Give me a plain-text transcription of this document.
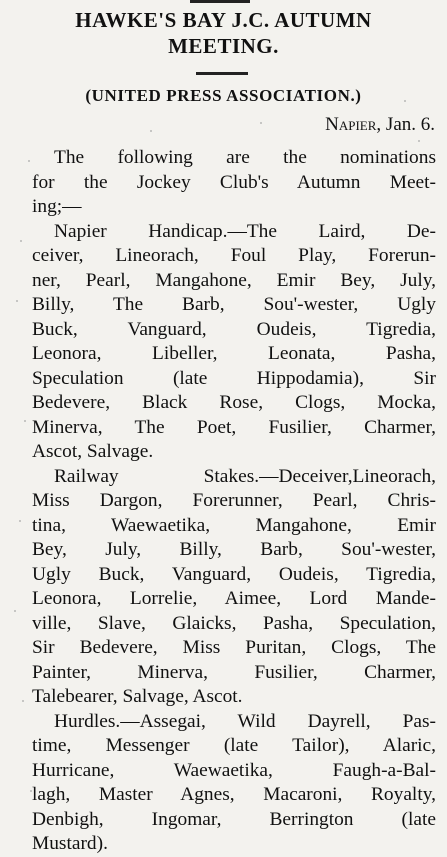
HAWKE'S BAY J.C. AUTUMN
MEETING.
(UNITED PRESS ASSOCIATION.)
Napier, Jan. 6.
The following are the nominations
for the Jockey Club's Autumn Meet-
ing;—
Napier Handicap.—The Laird, De-
ceiver, Lineorach, Foul Play, Forerun-
ner, Pearl, Mangahone, Emir Bey, July,
Billy, The Barb, Sou'-wester, Ugly
Buck, Vanguard, Oudeis, Tigredia,
Leonora, Libeller, Leonata, Pasha,
Speculation (late Hippodamia), Sir
Bedevere, Black Rose, Clogs, Mocka,
Minerva, The Poet, Fusilier, Charmer,
Ascot, Salvage.
Railway Stakes.—Deceiver,Lineorach,
Miss Dargon, Forerunner, Pearl, Chris-
tina, Waewaetika, Mangahone, Emir
Bey, July, Billy, Barb, Sou'-wester,
Ugly Buck, Vanguard, Oudeis, Tigredia,
Leonora, Lorrelie, Aimee, Lord Mande-
ville, Slave, Glaicks, Pasha, Speculation,
Sir Bedevere, Miss Puritan, Clogs, The
Painter, Minerva, Fusilier, Charmer,
Talebearer, Salvage, Ascot.
Hurdles.—Assegai, Wild Dayrell, Pas-
time, Messenger (late Tailor), Alaric,
Hurricane, Waewaetika, Faugh-a-Bal-
lagh, Master Agnes, Macaroni, Royalty,
Denbigh, Ingomar, Berrington (late
Mustard).
